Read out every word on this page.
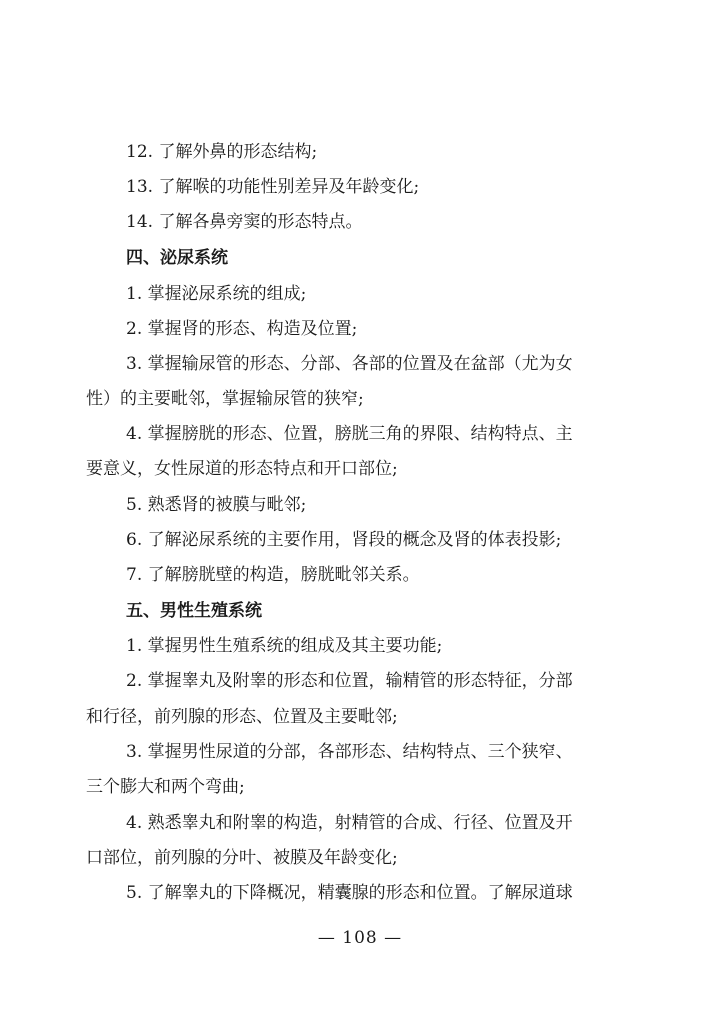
12. 了解外鼻的形态结构;
13. 了解喉的功能性别差异及年龄变化;
14. 了解各鼻旁窦的形态特点。
四、泌尿系统
1. 掌握泌尿系统的组成;
2. 掌握肾的形态、构造及位置;
3. 掌握输尿管的形态、分部、各部的位置及在盆部（尤为女
性）的主要毗邻，掌握输尿管的狭窄;
4. 掌握膀胱的形态、位置，膀胱三角的界限、结构特点、主
要意义，女性尿道的形态特点和开口部位;
5. 熟悉肾的被膜与毗邻;
6. 了解泌尿系统的主要作用，肾段的概念及肾的体表投影;
7. 了解膀胱壁的构造，膀胱毗邻关系。
五、男性生殖系统
1. 掌握男性生殖系统的组成及其主要功能;
2. 掌握睾丸及附睾的形态和位置，输精管的形态特征，分部
和行径，前列腺的形态、位置及主要毗邻;
3. 掌握男性尿道的分部，各部形态、结构特点、三个狭窄、
三个膨大和两个弯曲;
4. 熟悉睾丸和附睾的构造，射精管的合成、行径、位置及开
口部位，前列腺的分叶、被膜及年龄变化;
5. 了解睾丸的下降概况，精囊腺的形态和位置。了解尿道球
— 108 —
